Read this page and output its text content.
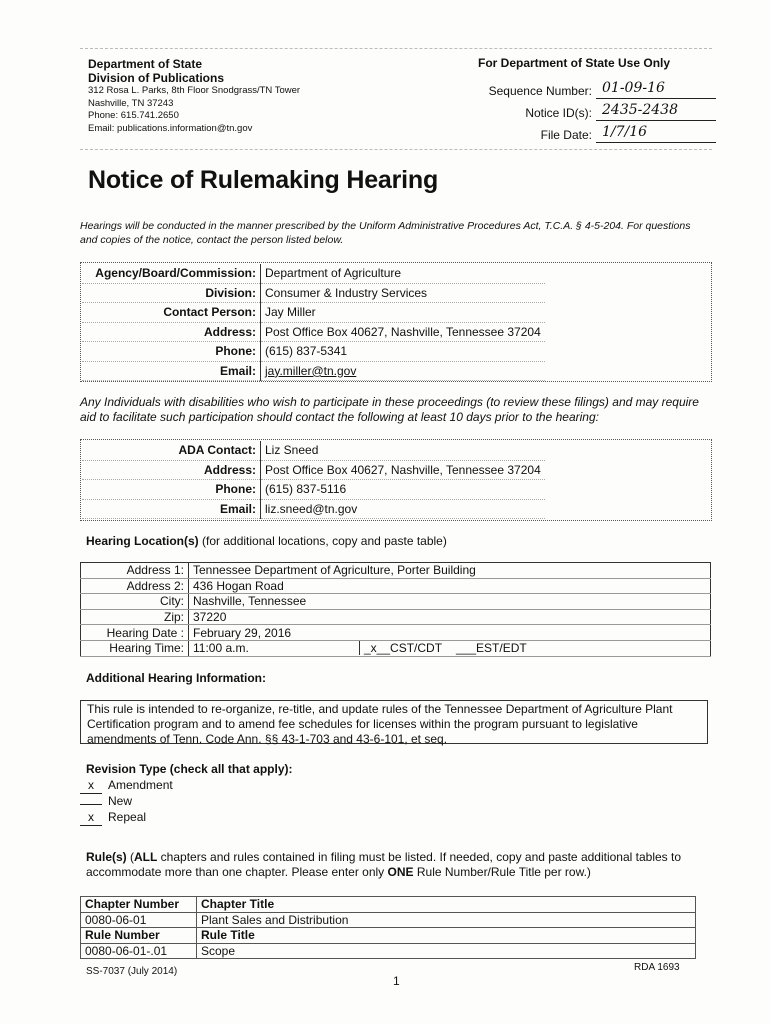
Department of State
Division of Publications
312 Rosa L. Parks, 8th Floor Snodgrass/TN Tower
Nashville, TN 37243
Phone: 615.741.2650
Email: publications.information@tn.gov
For Department of State Use Only
Sequence Number: 01-09-16
Notice ID(s): 2435-2438
File Date: 1/7/16
Notice of Rulemaking Hearing
Hearings will be conducted in the manner prescribed by the Uniform Administrative Procedures Act, T.C.A. § 4-5-204. For questions and copies of the notice, contact the person listed below.
Agency/Board/Commission:	Department of Agriculture
Division:	Consumer & Industry Services
Contact Person:	Jay Miller
Address:	Post Office Box 40627, Nashville, Tennessee 37204
Phone:	(615) 837-5341
Email:	jay.miller@tn.gov
Any Individuals with disabilities who wish to participate in these proceedings (to review these filings) and may require aid to facilitate such participation should contact the following at least 10 days prior to the hearing:
ADA Contact:	Liz Sneed
Address:	Post Office Box 40627, Nashville, Tennessee 37204
Phone:	(615) 837-5116
Email:	liz.sneed@tn.gov
Hearing Location(s) (for additional locations, copy and paste table)
Address 1:	Tennessee Department of Agriculture, Porter Building
Address 2:	436 Hogan Road
City:	Nashville, Tennessee
Zip:	37220
Hearing Date :	February 29, 2016
Hearing Time:	11:00 a.m. _x__CST/CDT ___EST/EDT
Additional Hearing Information:
This rule is intended to re-organize, re-title, and update rules of the Tennessee Department of Agriculture Plant Certification program and to amend fee schedules for licenses within the program pursuant to legislative amendments of Tenn. Code Ann. §§ 43-1-703 and 43-6-101, et seq.
Revision Type (check all that apply):
x Amendment
New
x Repeal
Rule(s) (ALL chapters and rules contained in filing must be listed. If needed, copy and paste additional tables to accommodate more than one chapter. Please enter only ONE Rule Number/Rule Title per row.)
Chapter Number	Chapter Title
0080-06-01	Plant Sales and Distribution
Rule Number	Rule Title
0080-06-01-.01	Scope
SS-7037 (July 2014)
1
RDA 1693
